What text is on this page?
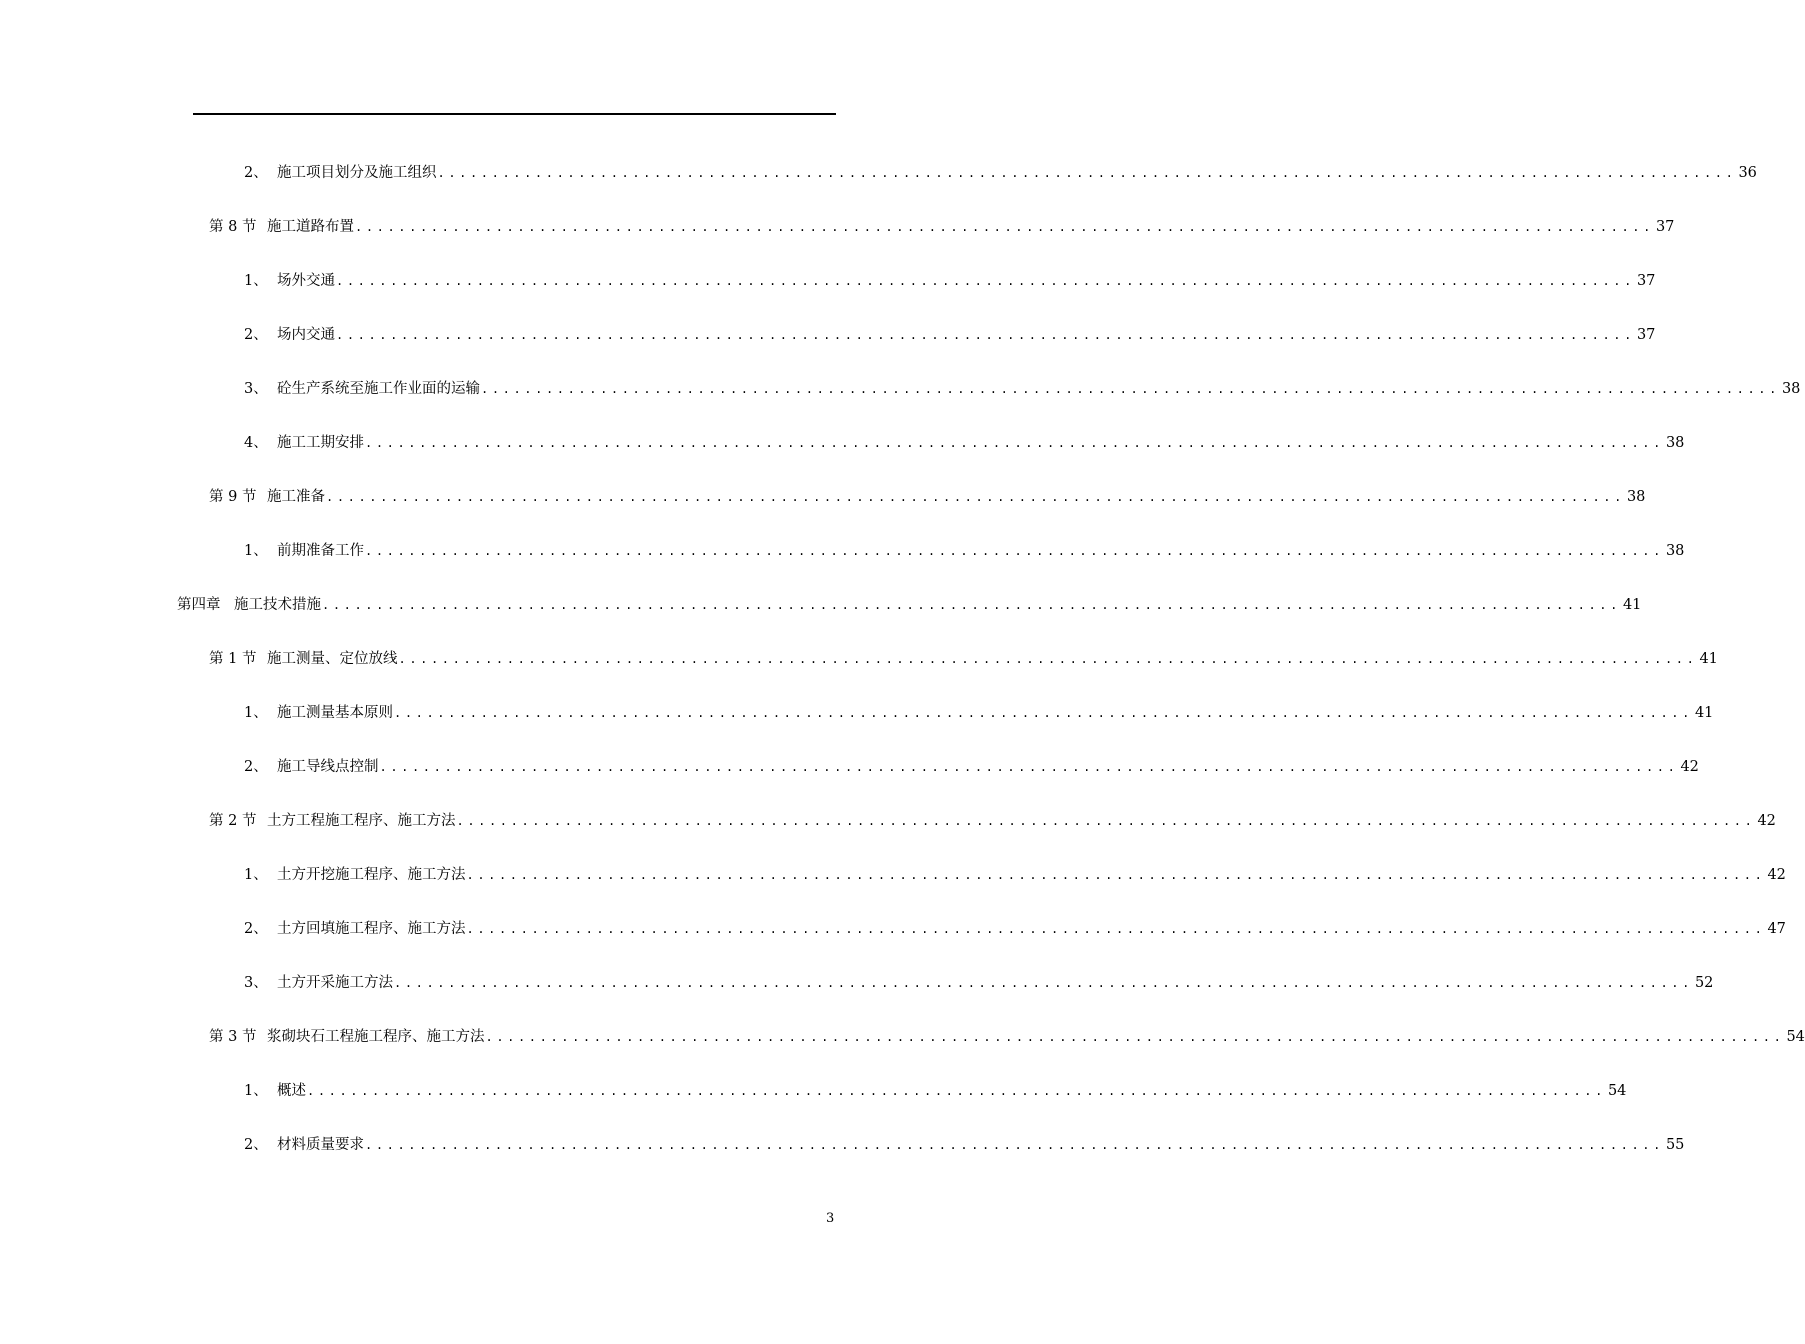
2、 施工项目划分及施工组织 ........................................................................................................................ 36
第 8 节 施工道路布置 ........................................................................................................................ 37
1、 场外交通 ........................................................................................................................ 37
2、 场内交通 ........................................................................................................................ 37
3、 砼生产系统至施工作业面的运输 ........................................................................................................................ 38
4、 施工工期安排 ........................................................................................................................ 38
第 9 节 施工准备 ........................................................................................................................ 38
1、 前期准备工作 ........................................................................................................................ 38
第四章 施工技术措施 ........................................................................................................................ 41
第 1 节 施工测量、定位放线 ........................................................................................................................ 41
1、 施工测量基本原则 ........................................................................................................................ 41
2、 施工导线点控制 ........................................................................................................................ 42
第 2 节 土方工程施工程序、施工方法 ........................................................................................................................ 42
1、 土方开挖施工程序、施工方法 ........................................................................................................................ 42
2、 土方回填施工程序、施工方法 ........................................................................................................................ 47
3、 土方开采施工方法 ........................................................................................................................ 52
第 3 节 浆砌块石工程施工程序、施工方法 ........................................................................................................................ 54
1、 概述 ........................................................................................................................ 54
2、 材料质量要求 ........................................................................................................................ 55
3
